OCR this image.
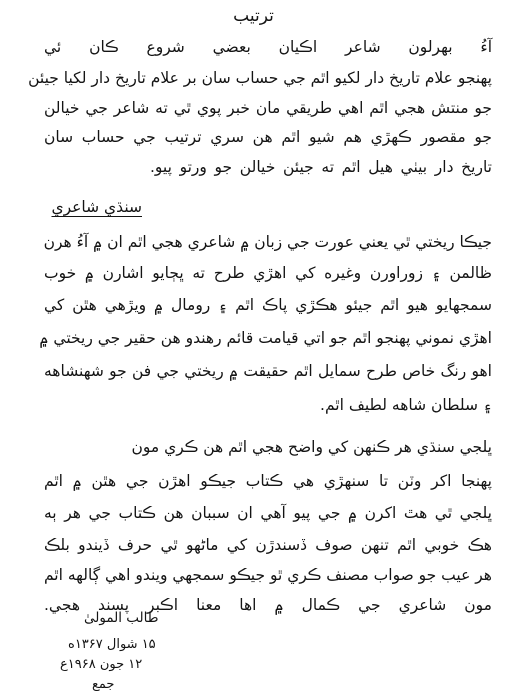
ترتيب
آءُ بهرلون شاعر اڪيان بعضي شروع ڪان ئي
پهنجو علام تاريخ دار لکيو اٿم جي حساب سان بر علام تاريخ دار لکيا جيئن
جو منتش هجي اٿم اهي طريقي مان خبر پوي ٿي ته شاعر جي خيالن
جو مقصور ڪهڙي هم شيو اٿم هن سري ترتيب جي حساب سان
تاريخ دار بيٺي هيل اٿم ته جيئن خيالن جو ورتو پيو.
سنڌي شاعري
جيڪا ريختي ٿي يعني عورت جي زبان ۾ شاعري هجي اٿم ان ۾ آءُ هرن
ظالمن ۽ زوراورن وغيره کي اهڙي طرح ته ڀڄايو اشارن ۾ خوب
سمجهايو هيو اٿم جيئو هڪڙي پاڪ اٿم ۽ رومال ۾ ويڙهي هٿن کي
اهڙي نموني پهنجو اٿم جو اتي قيامت قائم رهندو هن حقير جي ريختي ۾
اهو رنگ خاص طرح سمايل اٿم حقيقت ۾ ريختي جي فن جو شهنشاهه
۽ سلطان شاهه لطيف اٿم.
ڀلجي سنڌي هر ڪنهن کي واضح هجي اٿم هن ڪري مون
پهنجا اکر وٽن تا سنهڙي هي ڪتاب جيڪو اهڙن جي هٿن ۾ اٿم
ڀلجي ٿي هٿ اکرن ۾ جي پيو آهي ان سببان هن ڪتاب جي هر ٻه
هڪ خوبي اٿم تنهن صوف ڏسندڙن کي ماڻهو ٿي حرف ڏيندو بلڪ
هر عيب جو صواب مصنف ڪري ٿو جيڪو سمجهي ويندو اهي ڳالهه اٿم
مون شاعري جي ڪمال ۾ اها معنا اڪبر پسند هجي.
طالب المولىٰ
۱۵ شوال ۱۳۶۷ه
۱۲ جون ۱۹۶۸ع
جمع
